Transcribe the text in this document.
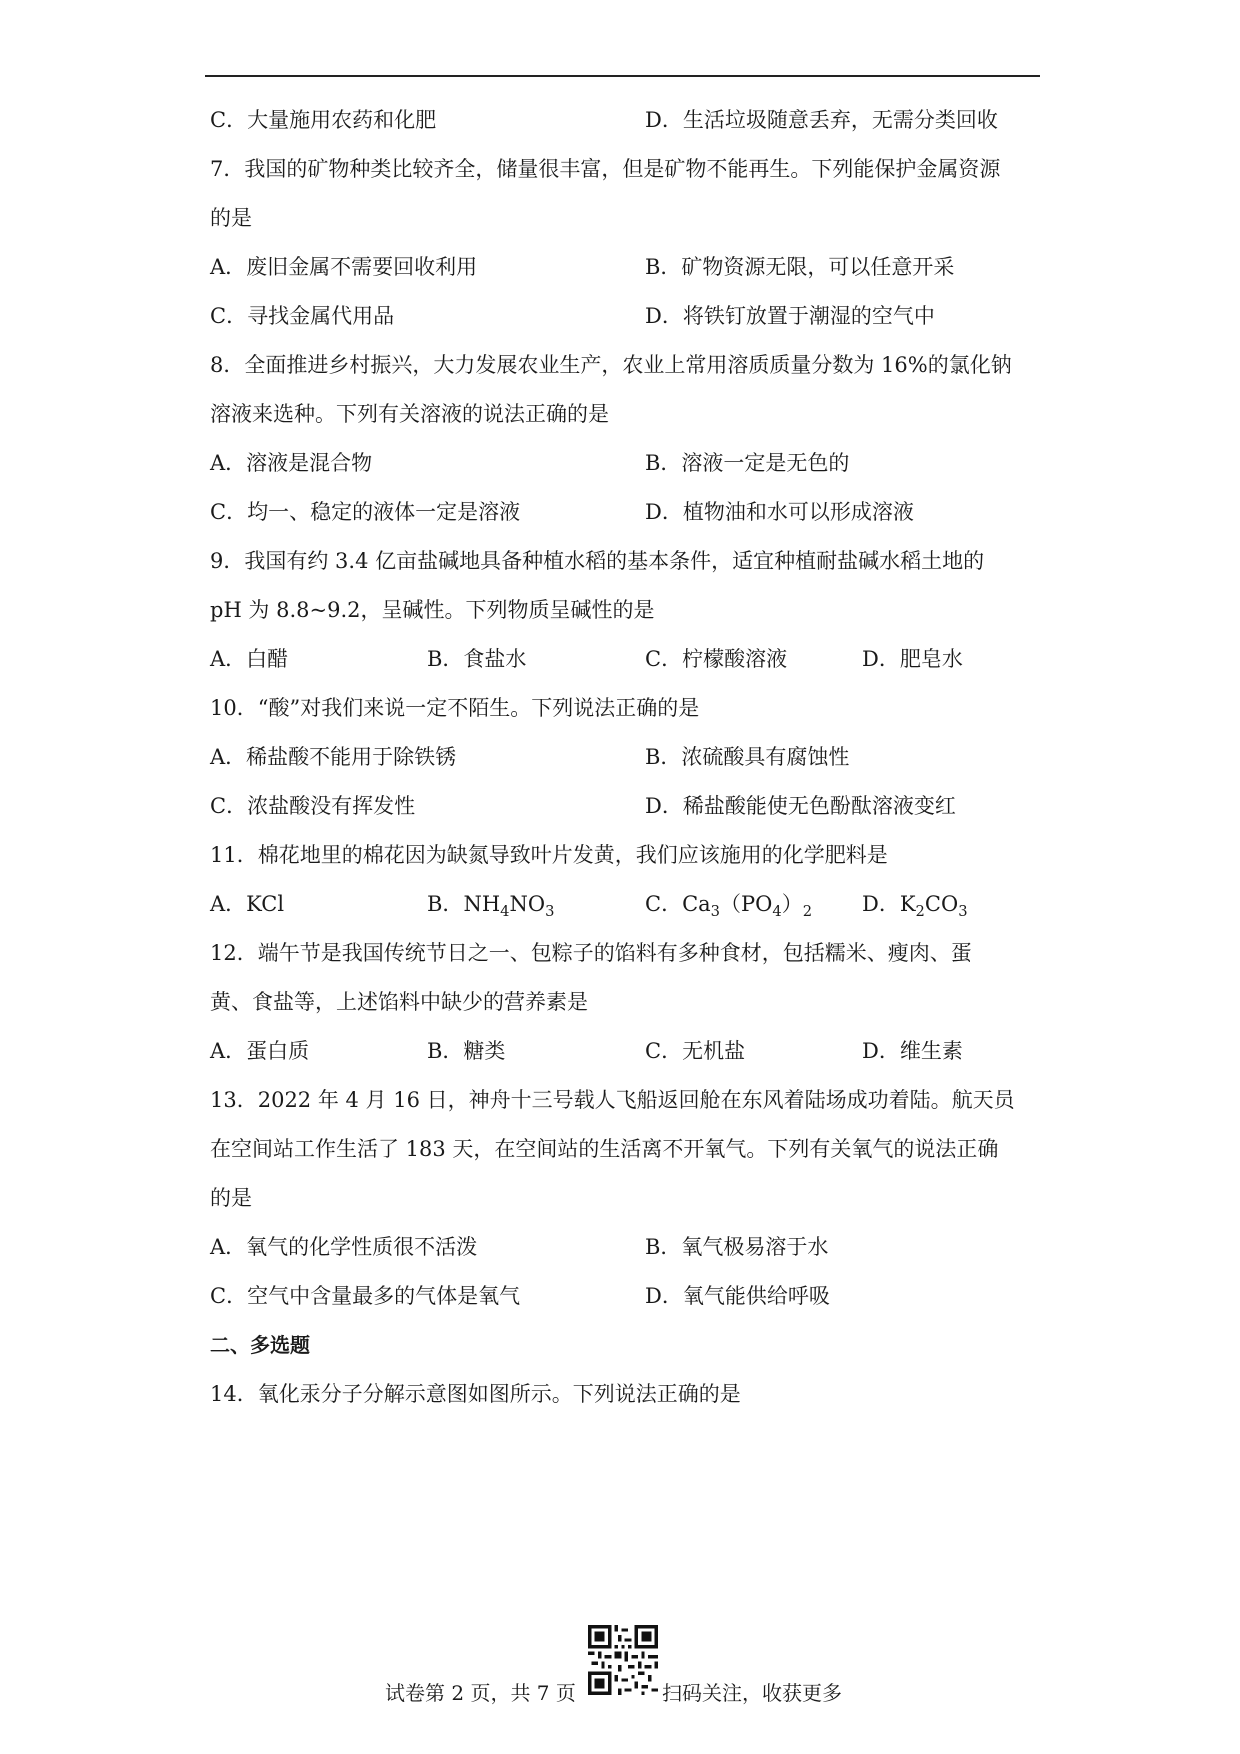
C．大量施用农药和化肥	D．生活垃圾随意丢弃，无需分类回收
7．我国的矿物种类比较齐全，储量很丰富，但是矿物不能再生。下列能保护金属资源
的是
A．废旧金属不需要回收利用	B．矿物资源无限，可以任意开采
C．寻找金属代用品	D．将铁钉放置于潮湿的空气中
8．全面推进乡村振兴，大力发展农业生产，农业上常用溶质质量分数为 16%的氯化钠
溶液来选种。下列有关溶液的说法正确的是
A．溶液是混合物	B．溶液一定是无色的
C．均一、稳定的液体一定是溶液	D．植物油和水可以形成溶液
9．我国有约 3.4 亿亩盐碱地具备种植水稻的基本条件，适宜种植耐盐碱水稻土地的
pH 为 8.8~9.2，呈碱性。下列物质呈碱性的是
A．白醋	B．食盐水	C．柠檬酸溶液	D．肥皂水
10．“酸”对我们来说一定不陌生。下列说法正确的是
A．稀盐酸不能用于除铁锈	B．浓硫酸具有腐蚀性
C．浓盐酸没有挥发性	D．稀盐酸能使无色酚酞溶液变红
11．棉花地里的棉花因为缺氮导致叶片发黄，我们应该施用的化学肥料是
A．KCl	B．$NH_4NO_3$	C．$Ca_3(PO_4)_2$ D．$K_2CO_3$
12．端午节是我国传统节日之一、包粽子的馅料有多种食材，包括糯米、瘦肉、蛋
黄、食盐等，上述馅料中缺少的营养素是
A．蛋白质	B．糖类	C．无机盐	D．维生素
13．2022 年 4 月 16 日，神舟十三号载人飞船返回舱在东风着陆场成功着陆。航天员
在空间站工作生活了 183 天，在空间站的生活离不开氧气。下列有关氧气的说法正确
的是
A．氧气的化学性质很不活泼	B．氧气极易溶于水
C．空气中含量最多的气体是氧气	D．氧气能供给呼吸
二、多选题
14．氧化汞分子分解示意图如图所示。下列说法正确的是
试卷第 2 页，共 7 页	扫码关注，收获更多
